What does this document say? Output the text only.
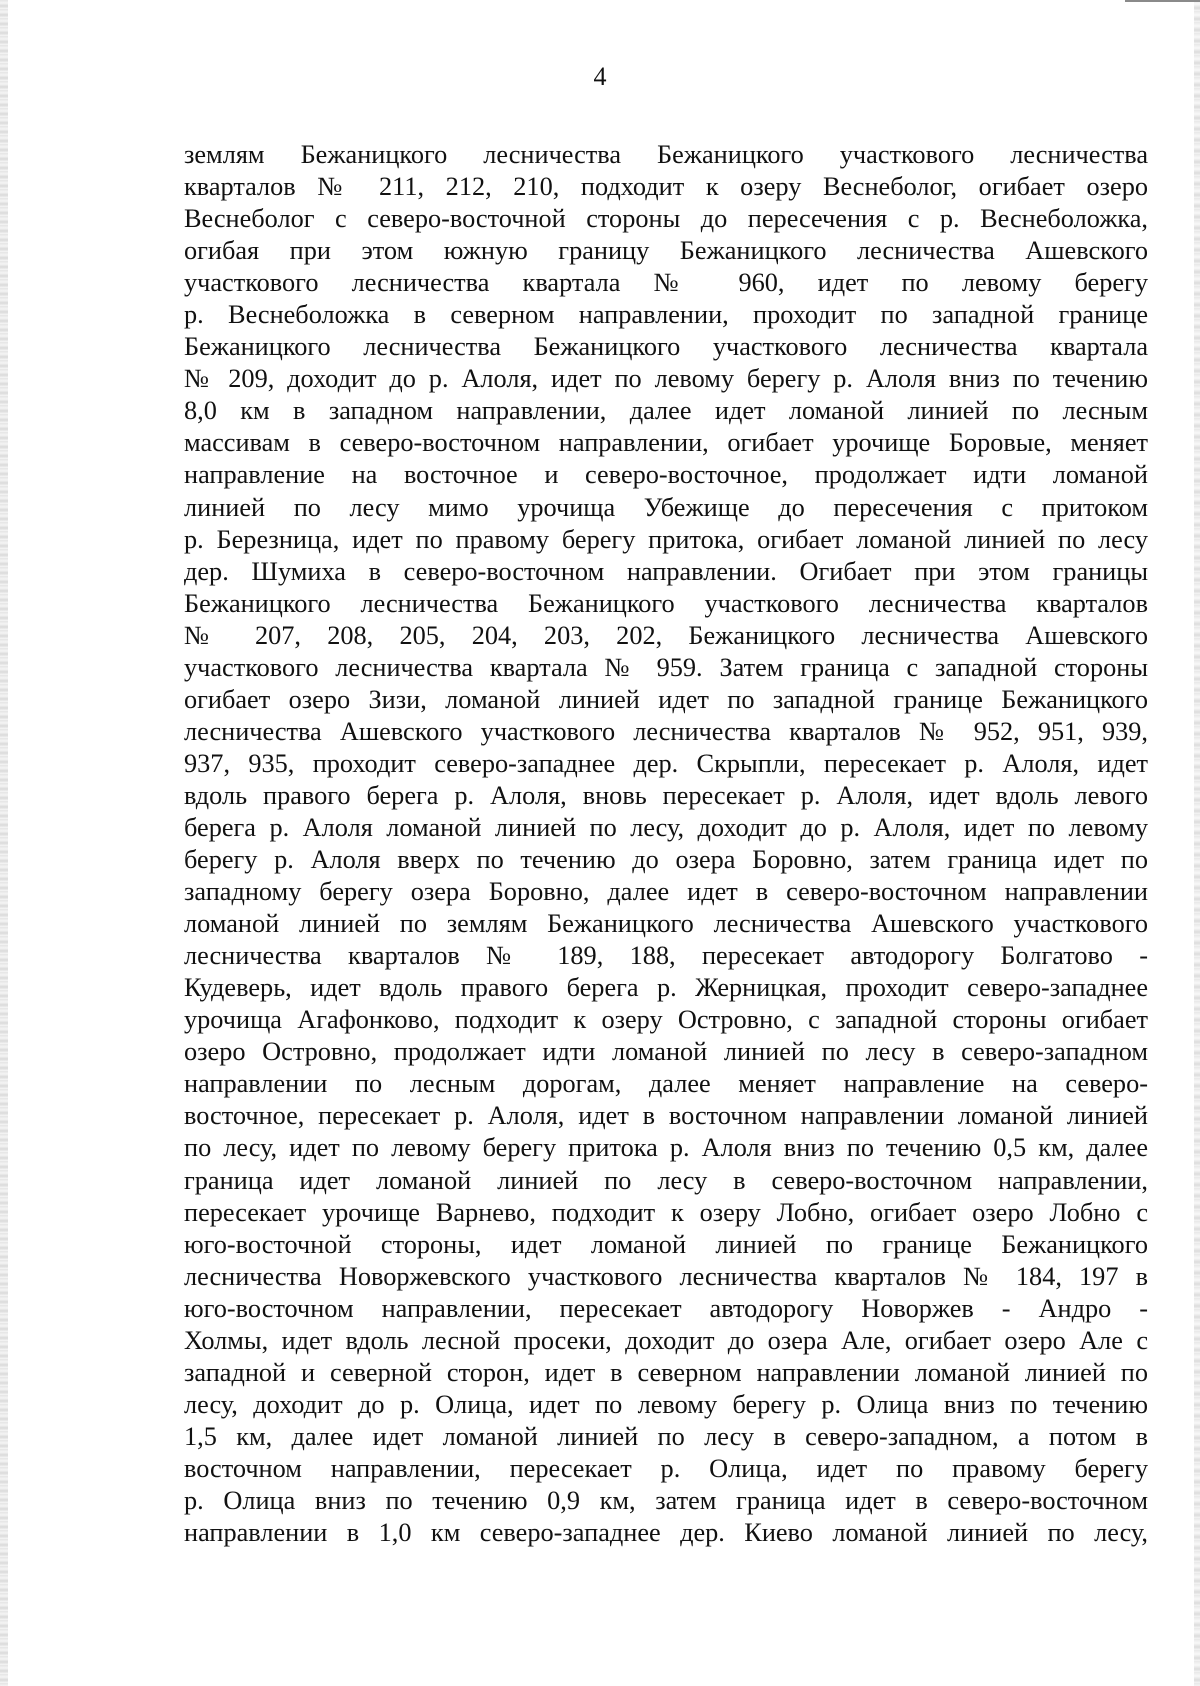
4
землям Бежаницкого лесничества Бежаницкого участкового лесничества
кварталов № 211, 212, 210, подходит к озеру Веснеболог, огибает озеро
Веснеболог с северо-восточной стороны до пересечения с р. Веснеболожка,
огибая при этом южную границу Бежаницкого лесничества Ашевского
участкового лесничества квартала № 960, идет по левому берегу
р. Веснеболожка в северном направлении, проходит по западной границе
Бежаницкого лесничества Бежаницкого участкового лесничества квартала
№ 209, доходит до р. Алоля, идет по левому берегу р. Алоля вниз по течению
8,0 км в западном направлении, далее идет ломаной линией по лесным
массивам в северо-восточном направлении, огибает урочище Боровые, меняет
направление на восточное и северо-восточное, продолжает идти ломаной
линией по лесу мимо урочища Убежище до пересечения с притоком
р. Березница, идет по правому берегу притока, огибает ломаной линией по лесу
дер. Шумиха в северо-восточном направлении. Огибает при этом границы
Бежаницкого лесничества Бежаницкого участкового лесничества кварталов
№ 207, 208, 205, 204, 203, 202, Бежаницкого лесничества Ашевского
участкового лесничества квартала № 959. Затем граница с западной стороны
огибает озеро Зизи, ломаной линией идет по западной границе Бежаницкого
лесничества Ашевского участкового лесничества кварталов № 952, 951, 939,
937, 935, проходит северо-западнее дер. Скрыпли, пересекает р. Алоля, идет
вдоль правого берега р. Алоля, вновь пересекает р. Алоля, идет вдоль левого
берега р. Алоля ломаной линией по лесу, доходит до р. Алоля, идет по левому
берегу р. Алоля вверх по течению до озера Боровно, затем граница идет по
западному берегу озера Боровно, далее идет в северо-восточном направлении
ломаной линией по землям Бежаницкого лесничества Ашевского участкового
лесничества кварталов № 189, 188, пересекает автодорогу Болгатово -
Кудеверь, идет вдоль правого берега р. Жерницкая, проходит северо-западнее
урочища Агафонково, подходит к озеру Островно, с западной стороны огибает
озеро Островно, продолжает идти ломаной линией по лесу в северо-западном
направлении по лесным дорогам, далее меняет направление на северо-
восточное, пересекает р. Алоля, идет в восточном направлении ломаной линией
по лесу, идет по левому берегу притока р. Алоля вниз по течению 0,5 км, далее
граница идет ломаной линией по лесу в северо-восточном направлении,
пересекает урочище Варнево, подходит к озеру Лобно, огибает озеро Лобно с
юго-восточной стороны, идет ломаной линией по границе Бежаницкого
лесничества Новоржевского участкового лесничества кварталов № 184, 197 в
юго-восточном направлении, пересекает автодорогу Новоржев - Андро -
Холмы, идет вдоль лесной просеки, доходит до озера Але, огибает озеро Але с
западной и северной сторон, идет в северном направлении ломаной линией по
лесу, доходит до р. Олица, идет по левому берегу р. Олица вниз по течению
1,5 км, далее идет ломаной линией по лесу в северо-западном, а потом в
восточном направлении, пересекает р. Олица, идет по правому берегу
р. Олица вниз по течению 0,9 км, затем граница идет в северо-восточном
направлении в 1,0 км северо-западнее дер. Киево ломаной линией по лесу,
